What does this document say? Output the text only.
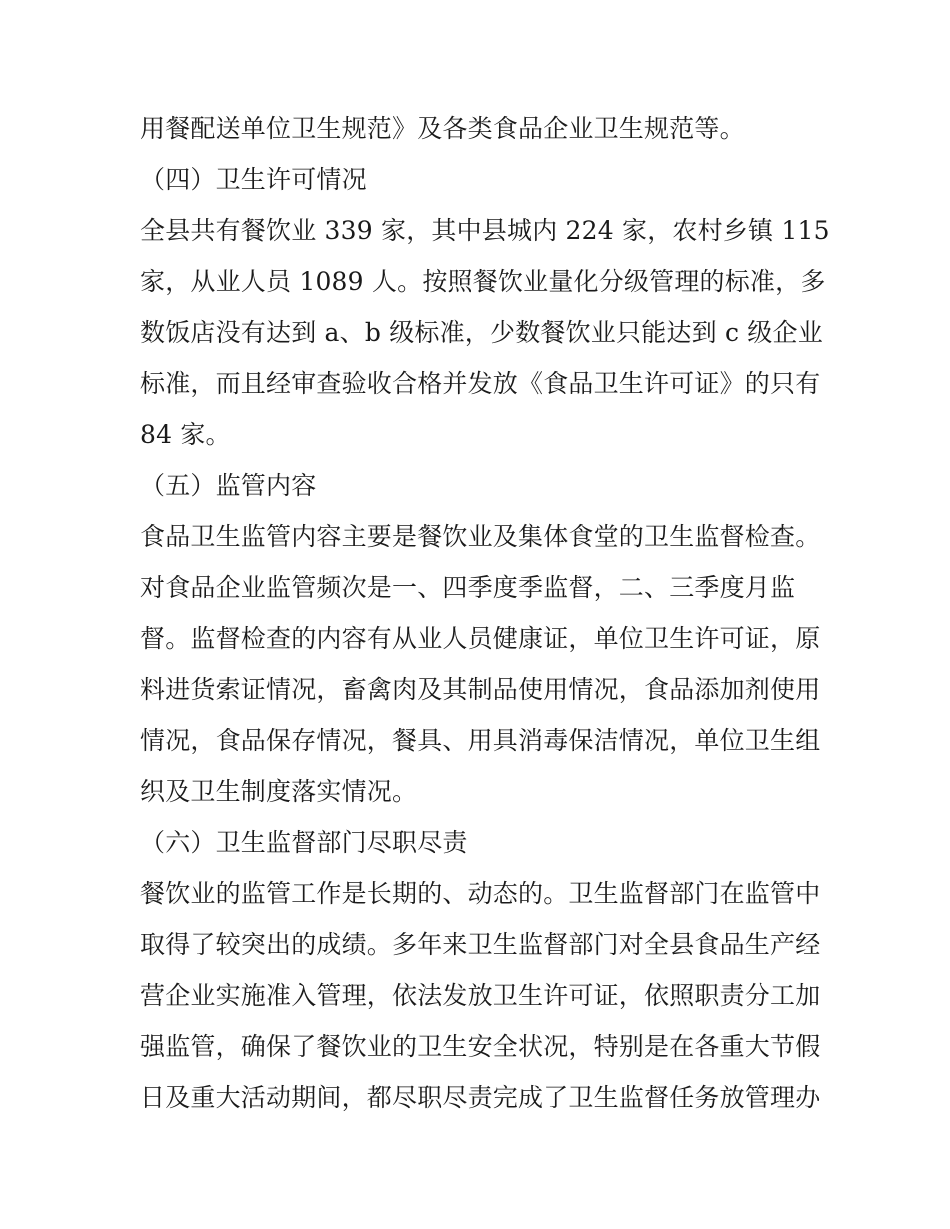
用餐配送单位卫生规范》及各类食品企业卫生规范等。
（四）卫生许可情况
全县共有餐饮业 339 家，其中县城内 224 家，农村乡镇 115
家，从业人员 1089 人。按照餐饮业量化分级管理的标准，多
数饭店没有达到 a、b 级标准，少数餐饮业只能达到 c 级企业
标准，而且经审查验收合格并发放《食品卫生许可证》的只有
84 家。
（五）监管内容
食品卫生监管内容主要是餐饮业及集体食堂的卫生监督检查。
对食品企业监管频次是一、四季度季监督，二、三季度月监
督。监督检查的内容有从业人员健康证，单位卫生许可证，原
料进货索证情况，畜禽肉及其制品使用情况，食品添加剂使用
情况，食品保存情况，餐具、用具消毒保洁情况，单位卫生组
织及卫生制度落实情况。
（六）卫生监督部门尽职尽责
餐饮业的监管工作是长期的、动态的。卫生监督部门在监管中
取得了较突出的成绩。多年来卫生监督部门对全县食品生产经
营企业实施准入管理，依法发放卫生许可证，依照职责分工加
强监管，确保了餐饮业的卫生安全状况，特别是在各重大节假
日及重大活动期间，都尽职尽责完成了卫生监督任务放管理办
